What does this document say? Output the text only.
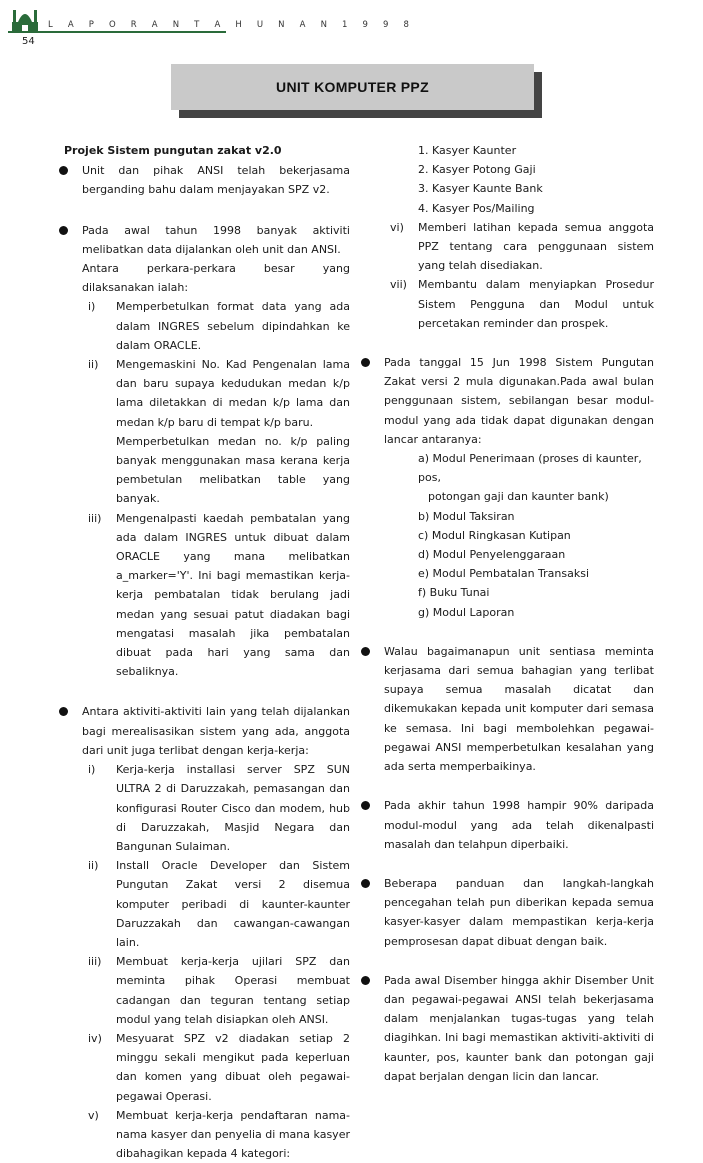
L A P O R A N T A H U N A N 1 9 9 8
54
UNIT KOMPUTER PPZ
Projek Sistem pungutan zakat v2.0
Unit dan pihak ANSI telah bekerjasama berganding bahu dalam menjayakan SPZ v2.
Pada awal tahun 1998 banyak aktiviti melibatkan data dijalankan oleh unit dan ANSI.
Antara perkara-perkara besar yang dilaksanakan ialah:
i) Memperbetulkan format data yang ada dalam INGRES sebelum dipindahkan ke dalam ORACLE.
ii) Mengemaskini No. Kad Pengenalan lama dan baru supaya kedudukan medan k/p lama diletakkan di medan k/p lama dan medan k/p baru di tempat k/p baru.
Memperbetulkan medan no. k/p paling banyak menggunakan masa kerana kerja pembetulan melibatkan table yang banyak.
iii) Mengenalpasti kaedah pembatalan yang ada dalam INGRES untuk dibuat dalam ORACLE yang mana melibatkan a_marker='Y'. Ini bagi memastikan kerja-kerja pembatalan tidak berulang jadi medan yang sesuai patut diadakan bagi mengatasi masalah jika pembatalan dibuat pada hari yang sama dan sebaliknya.
Antara aktiviti-aktiviti lain yang telah dijalankan bagi merealisasikan sistem yang ada, anggota dari unit juga terlibat dengan kerja-kerja:
i) Kerja-kerja installasi server SPZ SUN ULTRA 2 di Daruzzakah, pemasangan dan konfigurasi Router Cisco dan modem, hub di Daruzzakah, Masjid Negara dan Bangunan Sulaiman.
ii) Install Oracle Developer dan Sistem Pungutan Zakat versi 2 disemua komputer peribadi di kaunter-kaunter Daruzzakah dan cawangan-cawangan lain.
iii) Membuat kerja-kerja ujilari SPZ dan meminta pihak Operasi membuat cadangan dan teguran tentang setiap modul yang telah disiapkan oleh ANSI.
iv) Mesyuarat SPZ v2 diadakan setiap 2 minggu sekali mengikut pada keperluan dan komen yang dibuat oleh pegawai-pegawai Operasi.
v) Membuat kerja-kerja pendaftaran nama-nama kasyer dan penyelia di mana kasyer dibahagikan kepada 4 kategori:
1. Kasyer Kaunter
2. Kasyer Potong Gaji
3. Kasyer Kaunte Bank
4. Kasyer Pos/Mailing
vi) Memberi latihan kepada semua anggota PPZ tentang cara penggunaan sistem yang telah disediakan.
vii) Membantu dalam menyiapkan Prosedur Sistem Pengguna dan Modul untuk percetakan reminder dan prospek.
Pada tanggal 15 Jun 1998 Sistem Pungutan Zakat versi 2 mula digunakan.Pada awal bulan penggunaan sistem, sebilangan besar modul-modul yang ada tidak dapat digunakan dengan lancar antaranya:
a) Modul Penerimaan (proses di kaunter, pos,
potongan gaji dan kaunter bank)
b) Modul Taksiran
c) Modul Ringkasan Kutipan
d) Modul Penyelenggaraan
e) Modul Pembatalan Transaksi
f) Buku Tunai
g) Modul Laporan
Walau bagaimanapun unit sentiasa meminta kerjasama dari semua bahagian yang terlibat supaya semua masalah dicatat dan dikemukakan kepada unit komputer dari semasa ke semasa. Ini bagi membolehkan pegawai-pegawai ANSI memperbetulkan kesalahan yang ada serta memperbaikinya.
Pada akhir tahun 1998 hampir 90% daripada modul-modul yang ada telah dikenalpasti masalah dan telahpun diperbaiki.
Beberapa panduan dan langkah-langkah pencegahan telah pun diberikan kepada semua kasyer-kasyer dalam mempastikan kerja-kerja pemprosesan dapat dibuat dengan baik.
Pada awal Disember hingga akhir Disember Unit dan pegawai-pegawai ANSI telah bekerjasama dalam menjalankan tugas-tugas yang telah diagihkan. Ini bagi memastikan aktiviti-aktiviti di kaunter, pos, kaunter bank dan potongan gaji dapat berjalan dengan licin dan lancar.
